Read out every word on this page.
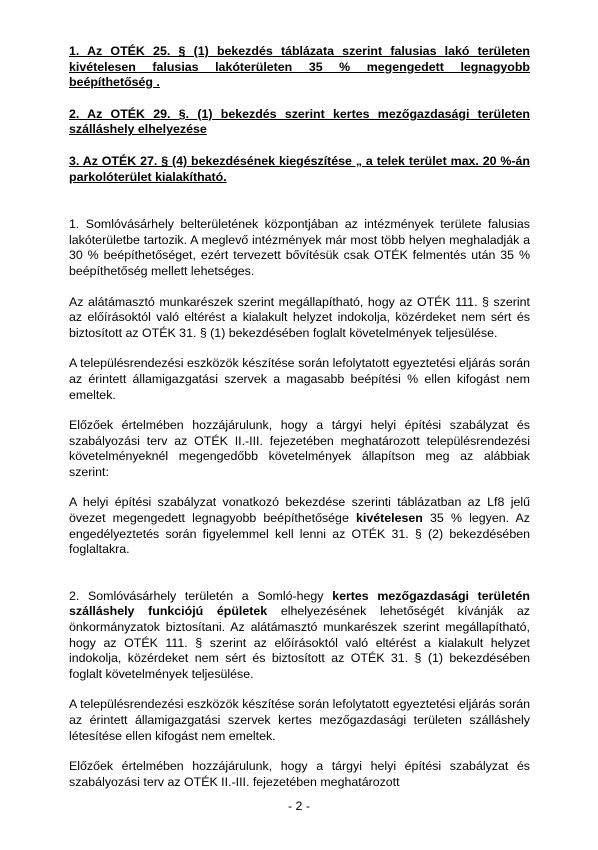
1. Az OTÉK 25. § (1) bekezdés táblázata szerint falusias lakó területen kivételesen falusias lakóterületen 35 % megengedett legnagyobb beépíthetőség .
2. Az OTÉK 29. §. (1) bekezdés szerint kertes mezőgazdasági területen szálláshely elhelyezése
3. Az OTÉK 27. § (4) bekezdésének kiegészítése „ a telek terület max. 20 %-án parkolóterület kialakítható.

1. Somlóvásárhely belterületének központjában az intézmények területe falusias lakóterületbe tartozik. A meglevő intézmények már most több helyen meghaladják a 30 % beépíthetőséget, ezért tervezett bővítésük csak OTÉK felmentés után 35 % beépíthetőség mellett lehetséges.

Az alátámasztó munkarészek szerint megállapítható, hogy az OTÉK 111. § szerint az előírásoktól való eltérést a kialakult helyzet indokolja, közérdeket nem sért és biztosított az OTÉK 31. § (1) bekezdésében foglalt követelmények teljesülése.

A településrendezési eszközök készítése során lefolytatott egyeztetési eljárás során az érintett államigazgatási szervek a magasabb beépítési % ellen kifogást nem emeltek.

Előzőek értelmében hozzájárulunk, hogy a tárgyi helyi építési szabályzat és szabályozási terv az OTÉK II.-III. fejezetében meghatározott településrendezési követelményeknél megengedőbb követelmények állapítson meg az alábbiak szerint:

A helyi építési szabályzat vonatkozó bekezdése szerinti táblázatban az Lf8 jelű övezet megengedett legnagyobb beépíthetősége kivételesen 35 % legyen. Az engedélyeztetés során figyelemmel kell lenni az OTÉK 31. § (2) bekezdésében foglaltakra.

2. Somlóvásárhely területén a Somló-hegy kertes mezőgazdasági területén szálláshely funkciójú épületek elhelyezésének lehetőségét kívánják az önkormányzatok biztosítani. Az alátámasztó munkarészek szerint megállapítható, hogy az OTÉK 111. § szerint az előírásoktól való eltérést a kialakult helyzet indokolja, közérdeket nem sért és biztosított az OTÉK 31. § (1) bekezdésében foglalt követelmények teljesülése.

A településrendezési eszközök készítése során lefolytatott egyeztetési eljárás során az érintett államigazgatási szervek kertes mezőgazdasági területen szálláshely létesítése ellen kifogást nem emeltek.

Előzőek értelmében hozzájárulunk, hogy a tárgyi helyi építési szabályzat és szabályozási terv az OTÉK II.-III. fejezetében meghatározott

- 2 -
